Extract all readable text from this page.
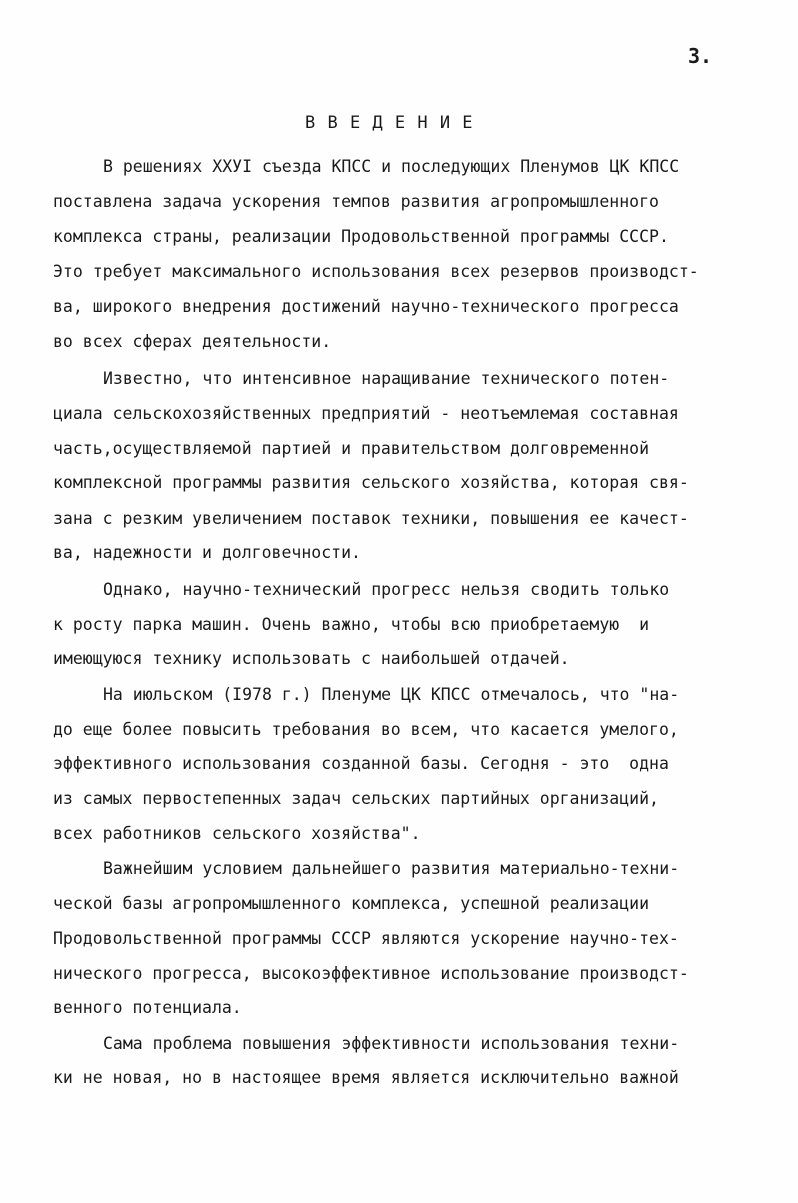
3.
В В Е Д Е Н И Е
В решениях ХХУI съезда КПСС и последующих Пленумов ЦК КПСС
поставлена задача ускорения темпов развития агропромышленного
комплекса страны, реализации Продовольственной программы СССР.
Это требует максимального использования всех резервов производст-
ва, широкого внедрения достижений научно-технического прогресса
во всех сферах деятельности.
Известно, что интенсивное наращивание технического потен-
циала сельскохозяйственных предприятий - неотъемлемая составная
часть,осуществляемой партией и правительством долговременной
комплексной программы развития сельского хозяйства, которая свя-
зана с резким увеличением поставок техники, повышения ее качест-
ва, надежности и долговечности.
Однако, научно-технический прогресс нельзя сводить только
к росту парка машин. Очень важно, чтобы всю приобретаемую  и
имеющуюся технику использовать с наибольшей отдачей.
На июльском (I978 г.) Пленуме ЦК КПСС отмечалось, что "на-
до еще более повысить требования во всем, что касается умелого,
эффективного использования созданной базы. Сегодня - это  одна
из самых первостепенных задач сельских партийных организаций,
всех работников сельского хозяйства".
Важнейшим условием дальнейшего развития материально-техни-
ческой базы агропромышленного комплекса, успешной реализации
Продовольственной программы СССР являются ускорение научно-тех-
нического прогресса, высокоэффективное использование производст-
венного потенциала.
Сама проблема повышения эффективности использования техни-
ки не новая, но в настоящее время является исключительно важной
